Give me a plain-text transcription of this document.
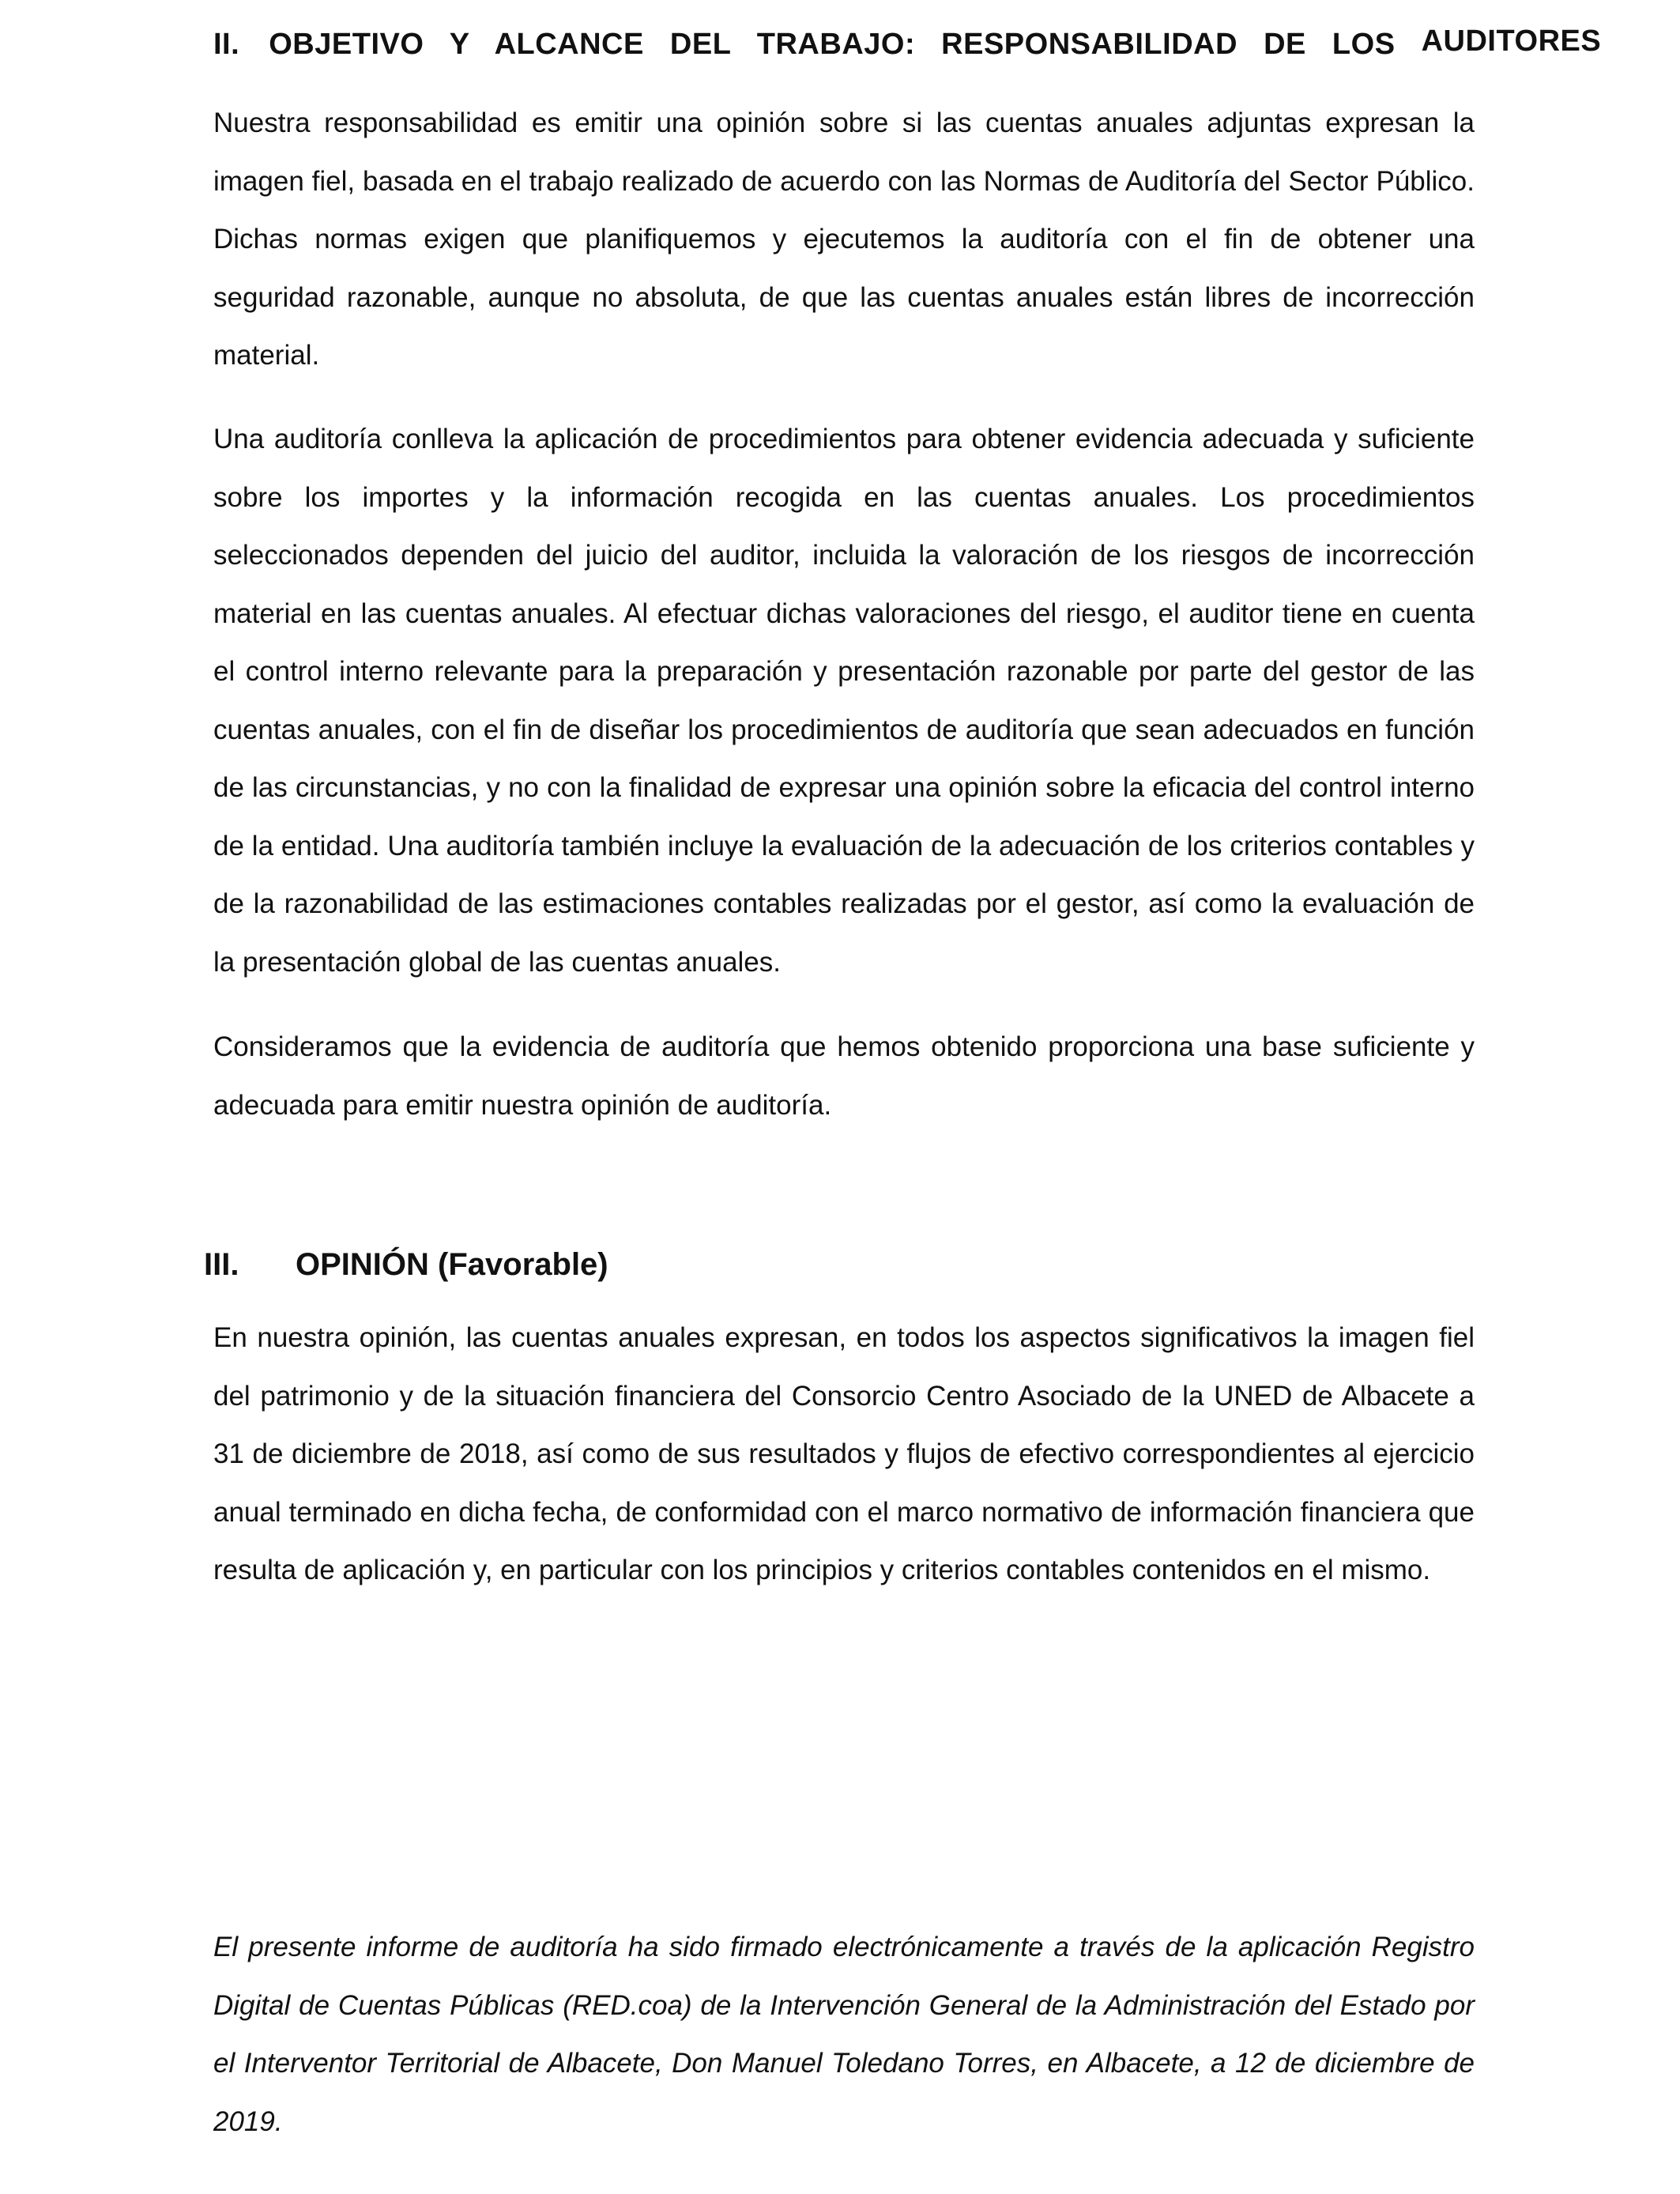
II. OBJETIVO Y ALCANCE DEL TRABAJO: RESPONSABILIDAD DE LOS AUDITORES

Nuestra responsabilidad es emitir una opinión sobre si las cuentas anuales adjuntas expresan la imagen fiel, basada en el trabajo realizado de acuerdo con las Normas de Auditoría del Sector Público. Dichas normas exigen que planifiquemos y ejecutemos la auditoría con el fin de obtener una seguridad razonable, aunque no absoluta, de que las cuentas anuales están libres de incorrección material.

Una auditoría conlleva la aplicación de procedimientos para obtener evidencia adecuada y suficiente sobre los importes y la información recogida en las cuentas anuales. Los procedimientos seleccionados dependen del juicio del auditor, incluida la valoración de los riesgos de incorrección material en las cuentas anuales. Al efectuar dichas valoraciones del riesgo, el auditor tiene en cuenta el control interno relevante para la preparación y presentación razonable por parte del gestor de las cuentas anuales, con el fin de diseñar los procedimientos de auditoría que sean adecuados en función de las circunstancias, y no con la finalidad de expresar una opinión sobre la eficacia del control interno de la entidad. Una auditoría también incluye la evaluación de la adecuación de los criterios contables y de la razonabilidad de las estimaciones contables realizadas por el gestor, así como la evaluación de la presentación global de las cuentas anuales.

Consideramos que la evidencia de auditoría que hemos obtenido proporciona una base suficiente y adecuada para emitir nuestra opinión de auditoría.

III. OPINIÓN (Favorable)

En nuestra opinión, las cuentas anuales expresan, en todos los aspectos significativos la imagen fiel del patrimonio y de la situación financiera del Consorcio Centro Asociado de la UNED de Albacete a 31 de diciembre de 2018, así como de sus resultados y flujos de efectivo correspondientes al ejercicio anual terminado en dicha fecha, de conformidad con el marco normativo de información financiera que resulta de aplicación y, en particular con los principios y criterios contables contenidos en el mismo.

El presente informe de auditoría ha sido firmado electrónicamente a través de la aplicación Registro Digital de Cuentas Públicas (RED.coa) de la Intervención General de la Administración del Estado por el Interventor Territorial de Albacete, Don Manuel Toledano Torres, en Albacete, a 12 de diciembre de 2019.
